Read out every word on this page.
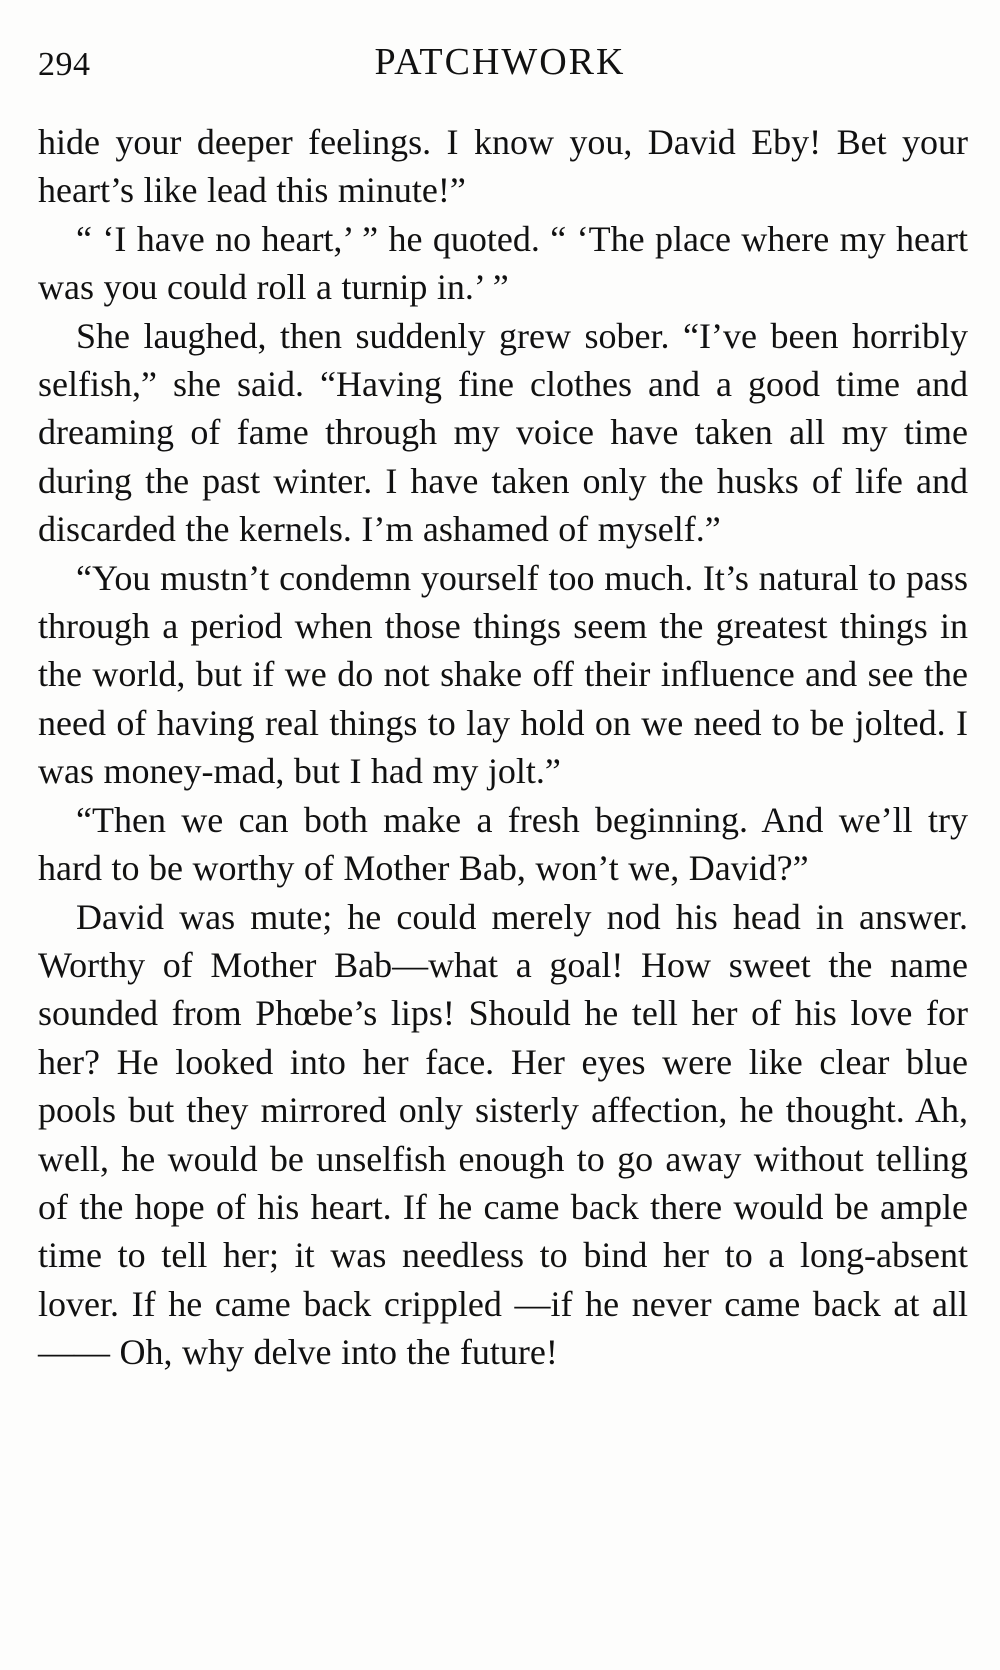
294	PATCHWORK

hide your deeper feelings. I know you, David Eby! Bet your heart’s like lead this minute!”

“ ‘I have no heart,’ ” he quoted. “ ‘The place where my heart was you could roll a turnip in.’ ”

She laughed, then suddenly grew sober. “I’ve been horribly selfish,” she said. “Having fine clothes and a good time and dreaming of fame through my voice have taken all my time during the past winter. I have taken only the husks of life and discarded the kernels. I’m ashamed of myself.”

“You mustn’t condemn yourself too much. It’s natural to pass through a period when those things seem the greatest things in the world, but if we do not shake off their influence and see the need of having real things to lay hold on we need to be jolted. I was money-mad, but I had my jolt.”

“Then we can both make a fresh beginning. And we’ll try hard to be worthy of Mother Bab, won’t we, David?”

David was mute; he could merely nod his head in answer. Worthy of Mother Bab—what a goal! How sweet the name sounded from Phœbe’s lips! Should he tell her of his love for her? He looked into her face. Her eyes were like clear blue pools but they mirrored only sisterly affection, he thought. Ah, well, he would be unselfish enough to go away without telling of the hope of his heart. If he came back there would be ample time to tell her; it was needless to bind her to a long-absent lover. If he came back crippled —if he never came back at all—— Oh, why delve into the future!
